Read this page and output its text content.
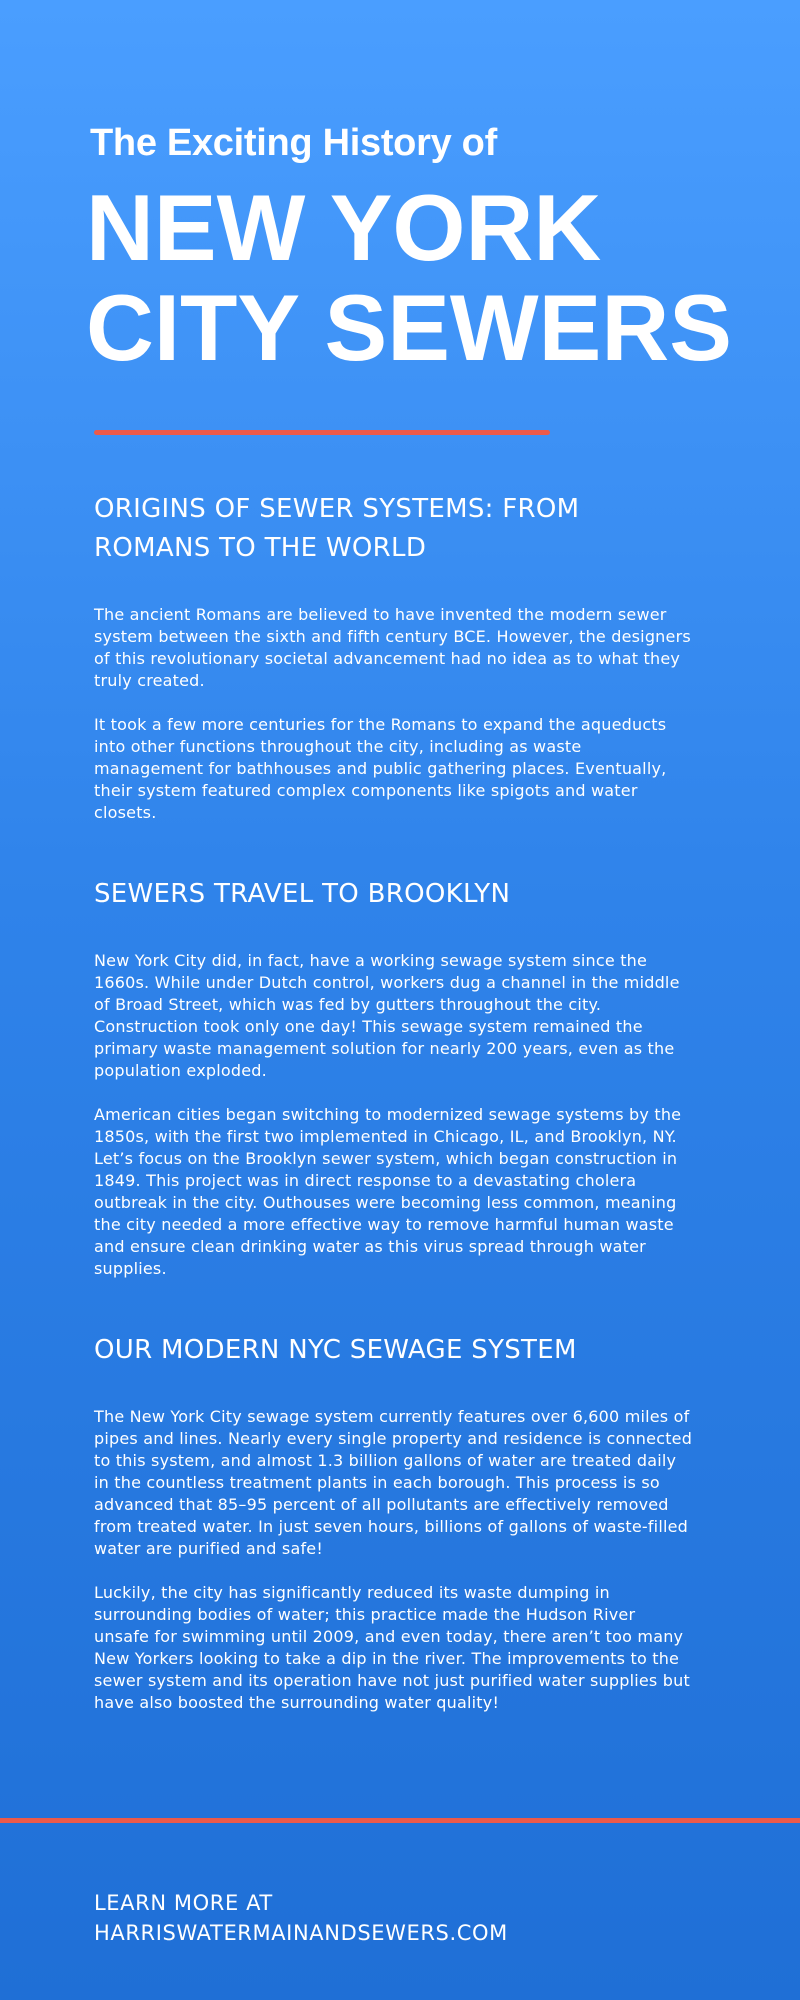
The Exciting History of
NEW YORK
CITY SEWERS
ORIGINS OF SEWER SYSTEMS: FROM ROMANS TO THE WORLD

The ancient Romans are believed to have invented the modern sewer system between the sixth and fifth century BCE. However, the designers of this revolutionary societal advancement had no idea as to what they truly created.

It took a few more centuries for the Romans to expand the aqueducts into other functions throughout the city, including as waste management for bathhouses and public gathering places. Eventually, their system featured complex components like spigots and water closets.

SEWERS TRAVEL TO BROOKLYN

New York City did, in fact, have a working sewage system since the 1660s. While under Dutch control, workers dug a channel in the middle of Broad Street, which was fed by gutters throughout the city. Construction took only one day! This sewage system remained the primary waste management solution for nearly 200 years, even as the population exploded.

American cities began switching to modernized sewage systems by the 1850s, with the first two implemented in Chicago, IL, and Brooklyn, NY. Let’s focus on the Brooklyn sewer system, which began construction in 1849. This project was in direct response to a devastating cholera outbreak in the city. Outhouses were becoming less common, meaning the city needed a more effective way to remove harmful human waste and ensure clean drinking water as this virus spread through water supplies.

OUR MODERN NYC SEWAGE SYSTEM

The New York City sewage system currently features over 6,600 miles of pipes and lines. Nearly every single property and residence is connected to this system, and almost 1.3 billion gallons of water are treated daily in the countless treatment plants in each borough. This process is so advanced that 85–95 percent of all pollutants are effectively removed from treated water. In just seven hours, billions of gallons of waste-filled water are purified and safe!

Luckily, the city has significantly reduced its waste dumping in surrounding bodies of water; this practice made the Hudson River unsafe for swimming until 2009, and even today, there aren’t too many New Yorkers looking to take a dip in the river. The improvements to the sewer system and its operation have not just purified water supplies but have also boosted the surrounding water quality!

LEARN MORE AT
HARRISWATERMAINANDSEWERS.COM
